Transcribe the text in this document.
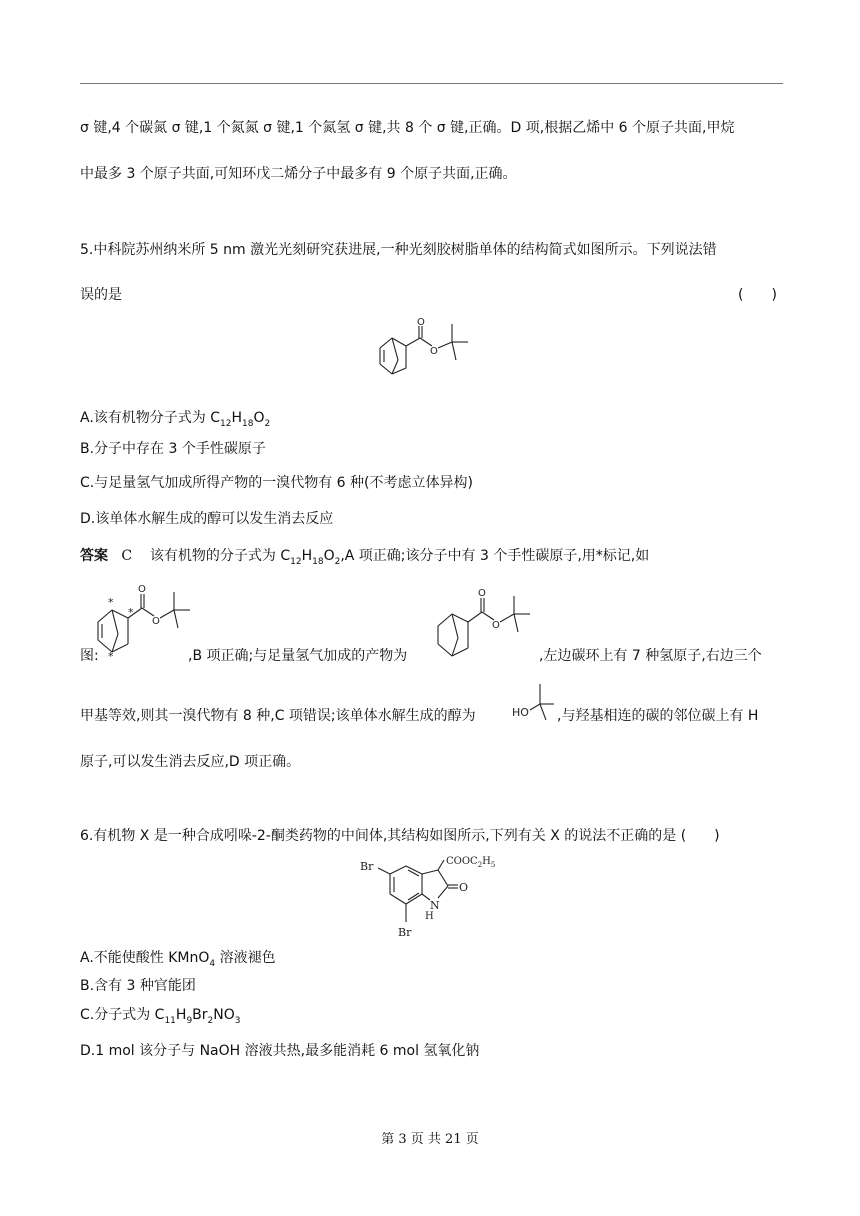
σ 键,4 个碳氮 σ 键,1 个氮氮 σ 键,1 个氮氢 σ 键,共 8 个 σ 键,正确。D 项,根据乙烯中 6 个原子共面,甲烷
中最多 3 个原子共面,可知环戊二烯分子中最多有 9 个原子共面,正确。
5.中科院苏州纳米所 5 nm 激光光刻研究获进展,一种光刻胶树脂单体的结构简式如图所示。下列说法错
误的是	(　　)
O
O
A.该有机物分子式为 $C_{12}H_{18}O_2$
B.分子中存在 3 个手性碳原子
C.与足量氢气加成所得产物的一溴代物有 6 种(不考虑立体异构)
D.该单体水解生成的醇可以发生消去反应
答案 C 该有机物的分子式为 $C_{12}H_{18}O_2,A$ 项正确;该分子中有 3 个手性碳原子,用*标记,如
*
*
*
O
O
图:	,B 项正确;与足量氢气加成的产物为
O
O
,左边碳环上有 7 种氢原子,右边三个
甲基等效,则其一溴代物有 8 种,C 项错误;该单体水解生成的醇为	HO ,与羟基相连的碳的邻位碳上有 H
原子,可以发生消去反应,D 项正确。
6.有机物 X 是一种合成吲哚-2-酮类药物的中间体,其结构如图所示,下列有关 X 的说法不正确的是 (　　)
Br
O
N
H
$COOC_2H_5$
Br
A.不能使酸性 KMnO$_4$ 溶液褪色
B.含有 3 种官能团
C.分子式为 $C_{11}H_9Br_2NO_3$
D.1 mol 该分子与 NaOH 溶液共热,最多能消耗 6 mol 氢氧化钠
第 3 页 共 21 页
